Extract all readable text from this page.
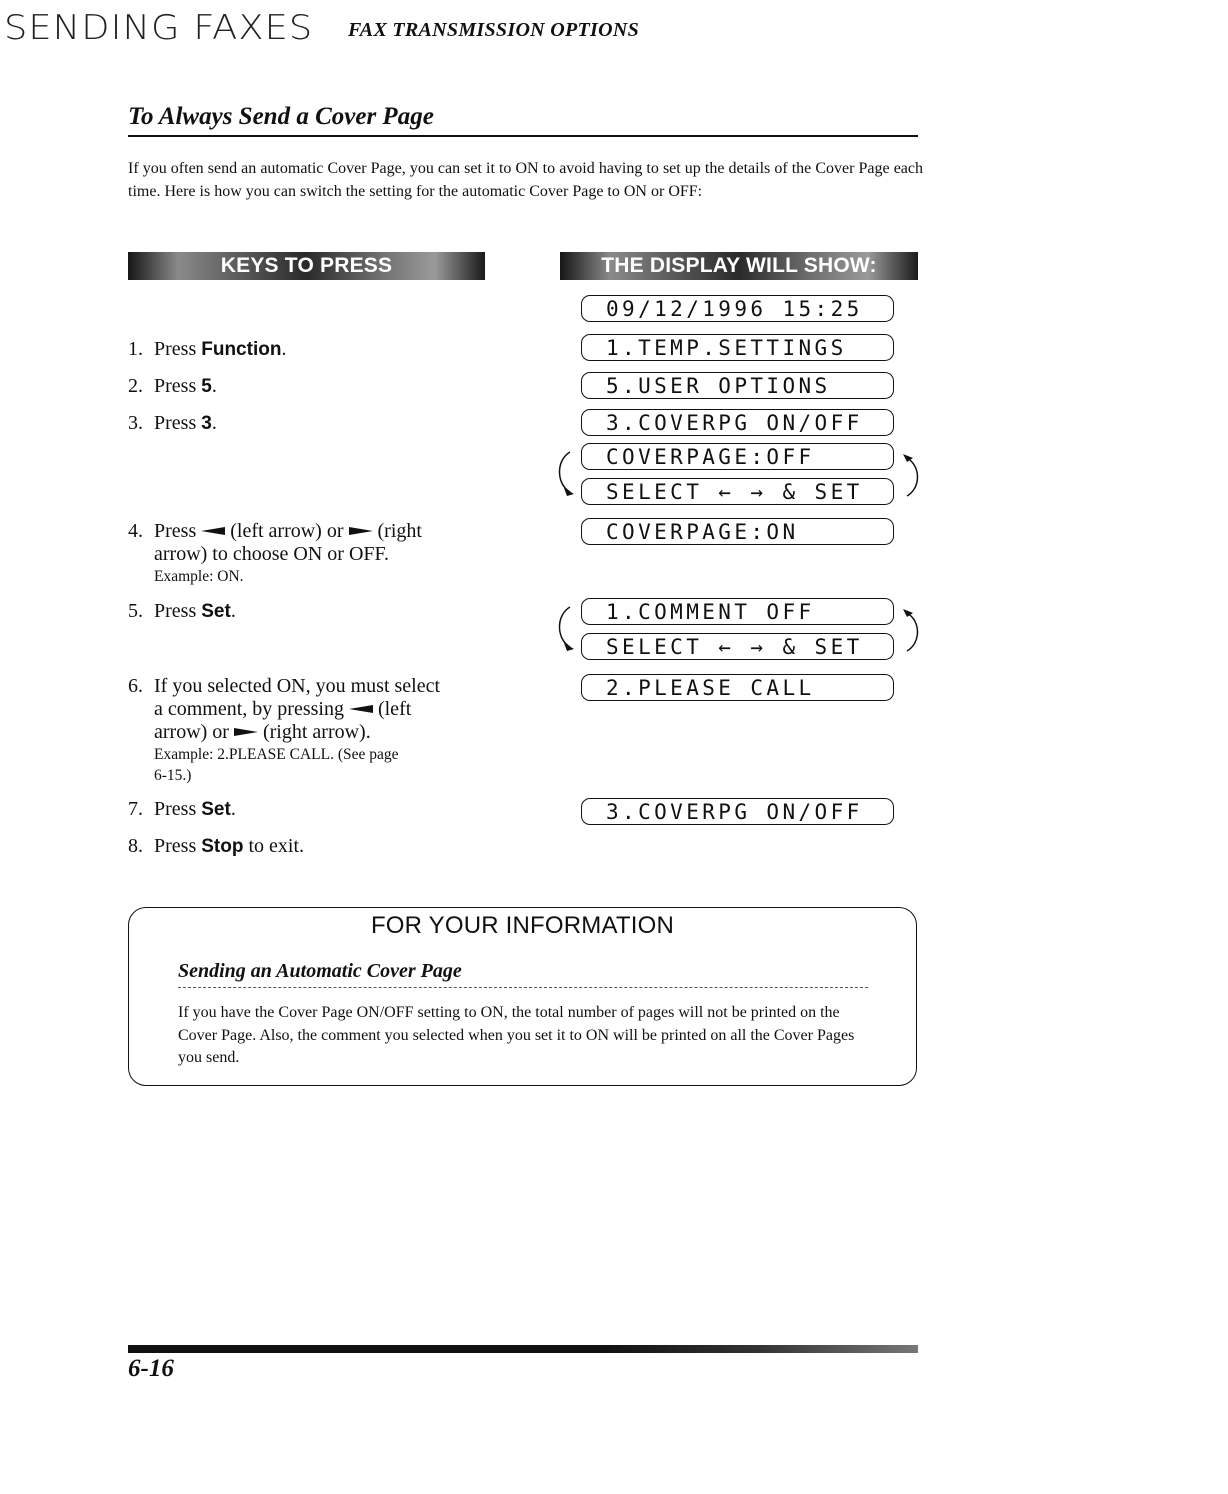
SENDING FAXES FAX TRANSMISSION OPTIONS
To Always Send a Cover Page
If you often send an automatic Cover Page, you can set it to ON to avoid having to set up the details of the Cover Page each time. Here is how you can switch the setting for the automatic Cover Page to ON or OFF:
KEYS TO PRESS	THE DISPLAY WILL SHOW:
1. Press Function.
2. Press 5.
3. Press 3.
4. Press (left arrow) or (right
arrow) to choose ON or OFF.
Example: ON.
5. Press Set.
6. If you selected ON, you must select
a comment, by pressing (left
arrow) or (right arrow).
Example: 2.PLEASE CALL. (See page
6-15.)
7. Press Set.
8. Press Stop to exit.
09/12/1996 15:25
1.TEMP.SETTINGS
5.USER OPTIONS
3.COVERPG ON/OFF
COVERPAGE:OFF
SELECT ← → & SET
COVERPAGE:ON
1.COMMENT OFF
SELECT ← → & SET
2.PLEASE CALL
3.COVERPG ON/OFF
FOR YOUR INFORMATION
Sending an Automatic Cover Page
If you have the Cover Page ON/OFF setting to ON, the total number of pages will not be printed on the Cover Page. Also, the comment you selected when you set it to ON will be printed on all the Cover Pages you send.
6-16
